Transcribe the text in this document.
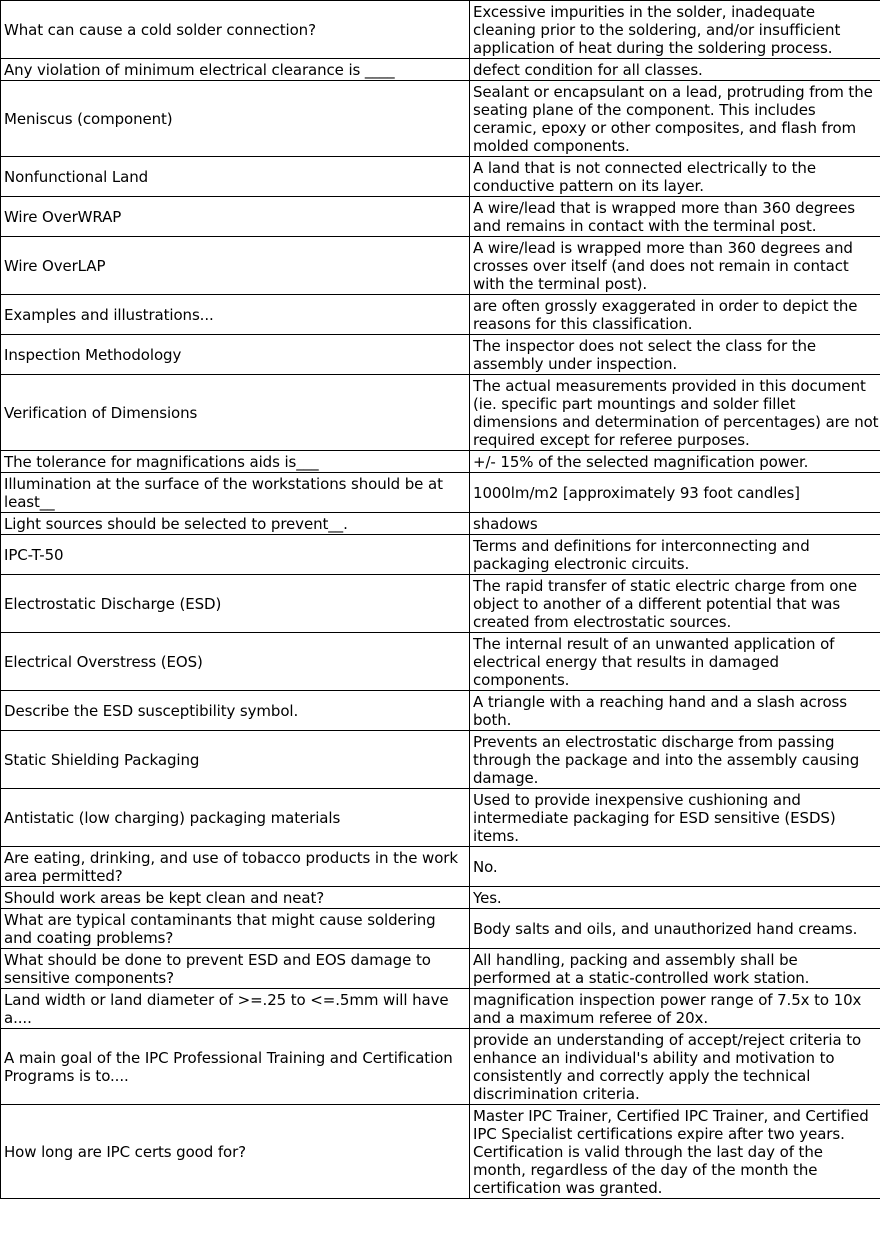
What can cause a cold solder connection?	Excessive impurities in the solder, inadequate cleaning prior to the soldering, and/or insufficient application of heat during the soldering process.
Any violation of minimum electrical clearance is ____	defect condition for all classes.
Meniscus (component)	Sealant or encapsulant on a lead, protruding from the seating plane of the component. This includes ceramic, epoxy or other composites, and flash from molded components.
Nonfunctional Land	A land that is not connected electrically to the conductive pattern on its layer.
Wire OverWRAP	A wire/lead that is wrapped more than 360 degrees and remains in contact with the terminal post.
Wire OverLAP	A wire/lead is wrapped more than 360 degrees and crosses over itself (and does not remain in contact with the terminal post).
Examples and illustrations...	are often grossly exaggerated in order to depict the reasons for this classification.
Inspection Methodology	The inspector does not select the class for the assembly under inspection.
Verification of Dimensions	The actual measurements provided in this document (ie. specific part mountings and solder fillet dimensions and determination of percentages) are not required except for referee purposes.
The tolerance for magnifications aids is___	+/- 15% of the selected magnification power.
Illumination at the surface of the workstations should be at least__	1000lm/m2 [approximately 93 foot candles]
Light sources should be selected to prevent__.	shadows
IPC-T-50	Terms and definitions for interconnecting and packaging electronic circuits.
Electrostatic Discharge (ESD)	The rapid transfer of static electric charge from one object to another of a different potential that was created from electrostatic sources.
Electrical Overstress (EOS)	The internal result of an unwanted application of electrical energy that results in damaged components.
Describe the ESD susceptibility symbol.	A triangle with a reaching hand and a slash across both.
Static Shielding Packaging	Prevents an electrostatic discharge from passing through the package and into the assembly causing damage.
Antistatic (low charging) packaging materials	Used to provide inexpensive cushioning and intermediate packaging for ESD sensitive (ESDS) items.
Are eating, drinking, and use of tobacco products in the work area permitted?	No.
Should work areas be kept clean and neat?	Yes.
What are typical contaminants that might cause soldering and coating problems?	Body salts and oils, and unauthorized hand creams.
What should be done to prevent ESD and EOS damage to sensitive components?	All handling, packing and assembly shall be performed at a static-controlled work station.
Land width or land diameter of >=.25 to <=.5mm will have a....	magnification inspection power range of 7.5x to 10x and a maximum referee of 20x.
A main goal of the IPC Professional Training and Certification Programs is to....	provide an understanding of accept/reject criteria to enhance an individual's ability and motivation to consistently and correctly apply the technical discrimination criteria.
How long are IPC certs good for?	Master IPC Trainer, Certified IPC Trainer, and Certified IPC Specialist certifications expire after two years. Certification is valid through the last day of the month, regardless of the day of the month the certification was granted.
